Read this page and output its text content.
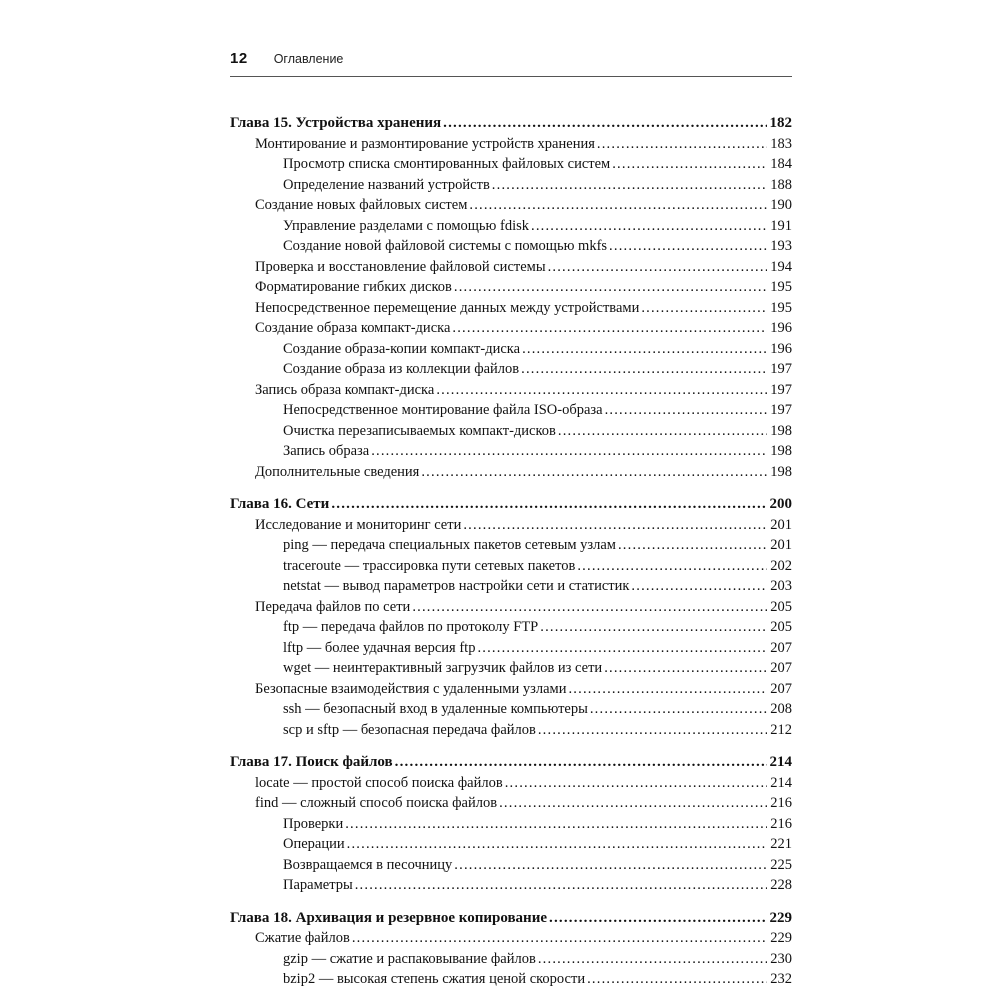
12 Оглавление
Глава 15. Устройства хранения .....	182
Монтирование и размонтирование устройств хранения .....	183
Просмотр списка смонтированных файловых систем .....	184
Определение названий устройств .....	188
Создание новых файловых систем .....	190
Управление разделами с помощью fdisk .....	191
Создание новой файловой системы с помощью mkfs .....	193
Проверка и восстановление файловой системы .....	194
Форматирование гибких дисков .....	195
Непосредственное перемещение данных между устройствами .....	195
Создание образа компакт-диска .....	196
Создание образа-копии компакт-диска .....	196
Создание образа из коллекции файлов .....	197
Запись образа компакт-диска .....	197
Непосредственное монтирование файла ISO-образа .....	197
Очистка перезаписываемых компакт-дисков .....	198
Запись образа .....	198
Дополнительные сведения .....	198
Глава 16. Сети .....	200
Исследование и мониторинг сети .....	201
ping — передача специальных пакетов сетевым узлам .....	201
traceroute — трассировка пути сетевых пакетов .....	202
netstat — вывод параметров настройки сети и статистик .....	203
Передача файлов по сети .....	205
ftp — передача файлов по протоколу FTP .....	205
lftp — более удачная версия ftp .....	207
wget — неинтерактивный загрузчик файлов из сети .....	207
Безопасные взаимодействия с удаленными узлами .....	207
ssh — безопасный вход в удаленные компьютеры .....	208
scp и sftp — безопасная передача файлов .....	212
Глава 17. Поиск файлов .....	214
locate — простой способ поиска файлов .....	214
find — сложный способ поиска файлов .....	216
Проверки .....	216
Операции .....	221
Возвращаемся в песочницу .....	225
Параметры .....	228
Глава 18. Архивация и резервное копирование .....	229
Сжатие файлов .....	229
gzip — сжатие и распаковывание файлов .....	230
bzip2 — высокая степень сжатия ценой скорости .....	232
